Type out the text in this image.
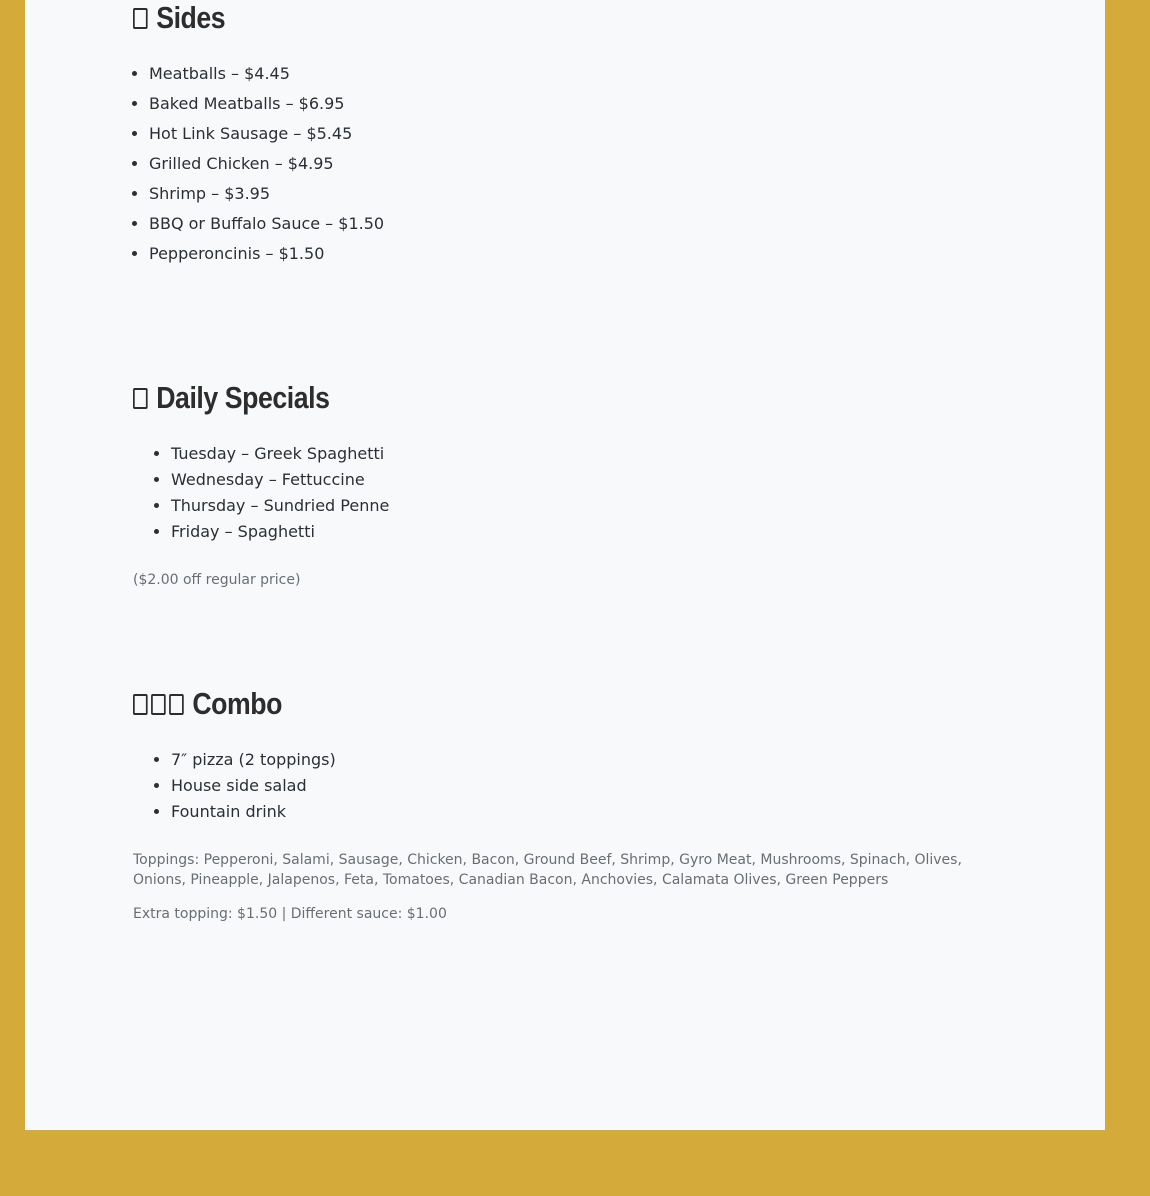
Sides
• Meatballs – $4.45
• Baked Meatballs – $6.95
• Hot Link Sausage – $5.45
• Grilled Chicken – $4.95
• Shrimp – $3.95
• BBQ or Buffalo Sauce – $1.50
• Pepperoncinis – $1.50
Daily Specials
• Tuesday – Greek Spaghetti
• Wednesday – Fettuccine
• Thursday – Sundried Penne
• Friday – Spaghetti

($2.00 off regular price)

Combo
• 7″ pizza (2 toppings)
• House side salad
• Fountain drink

Toppings: Pepperoni, Salami, Sausage, Chicken, Bacon, Ground Beef, Shrimp, Gyro Meat, Mushrooms, Spinach, Olives, Onions, Pineapple, Jalapenos, Feta, Tomatoes, Canadian Bacon, Anchovies, Calamata Olives, Green Peppers

Extra topping: $1.50 | Different sauce: $1.00
